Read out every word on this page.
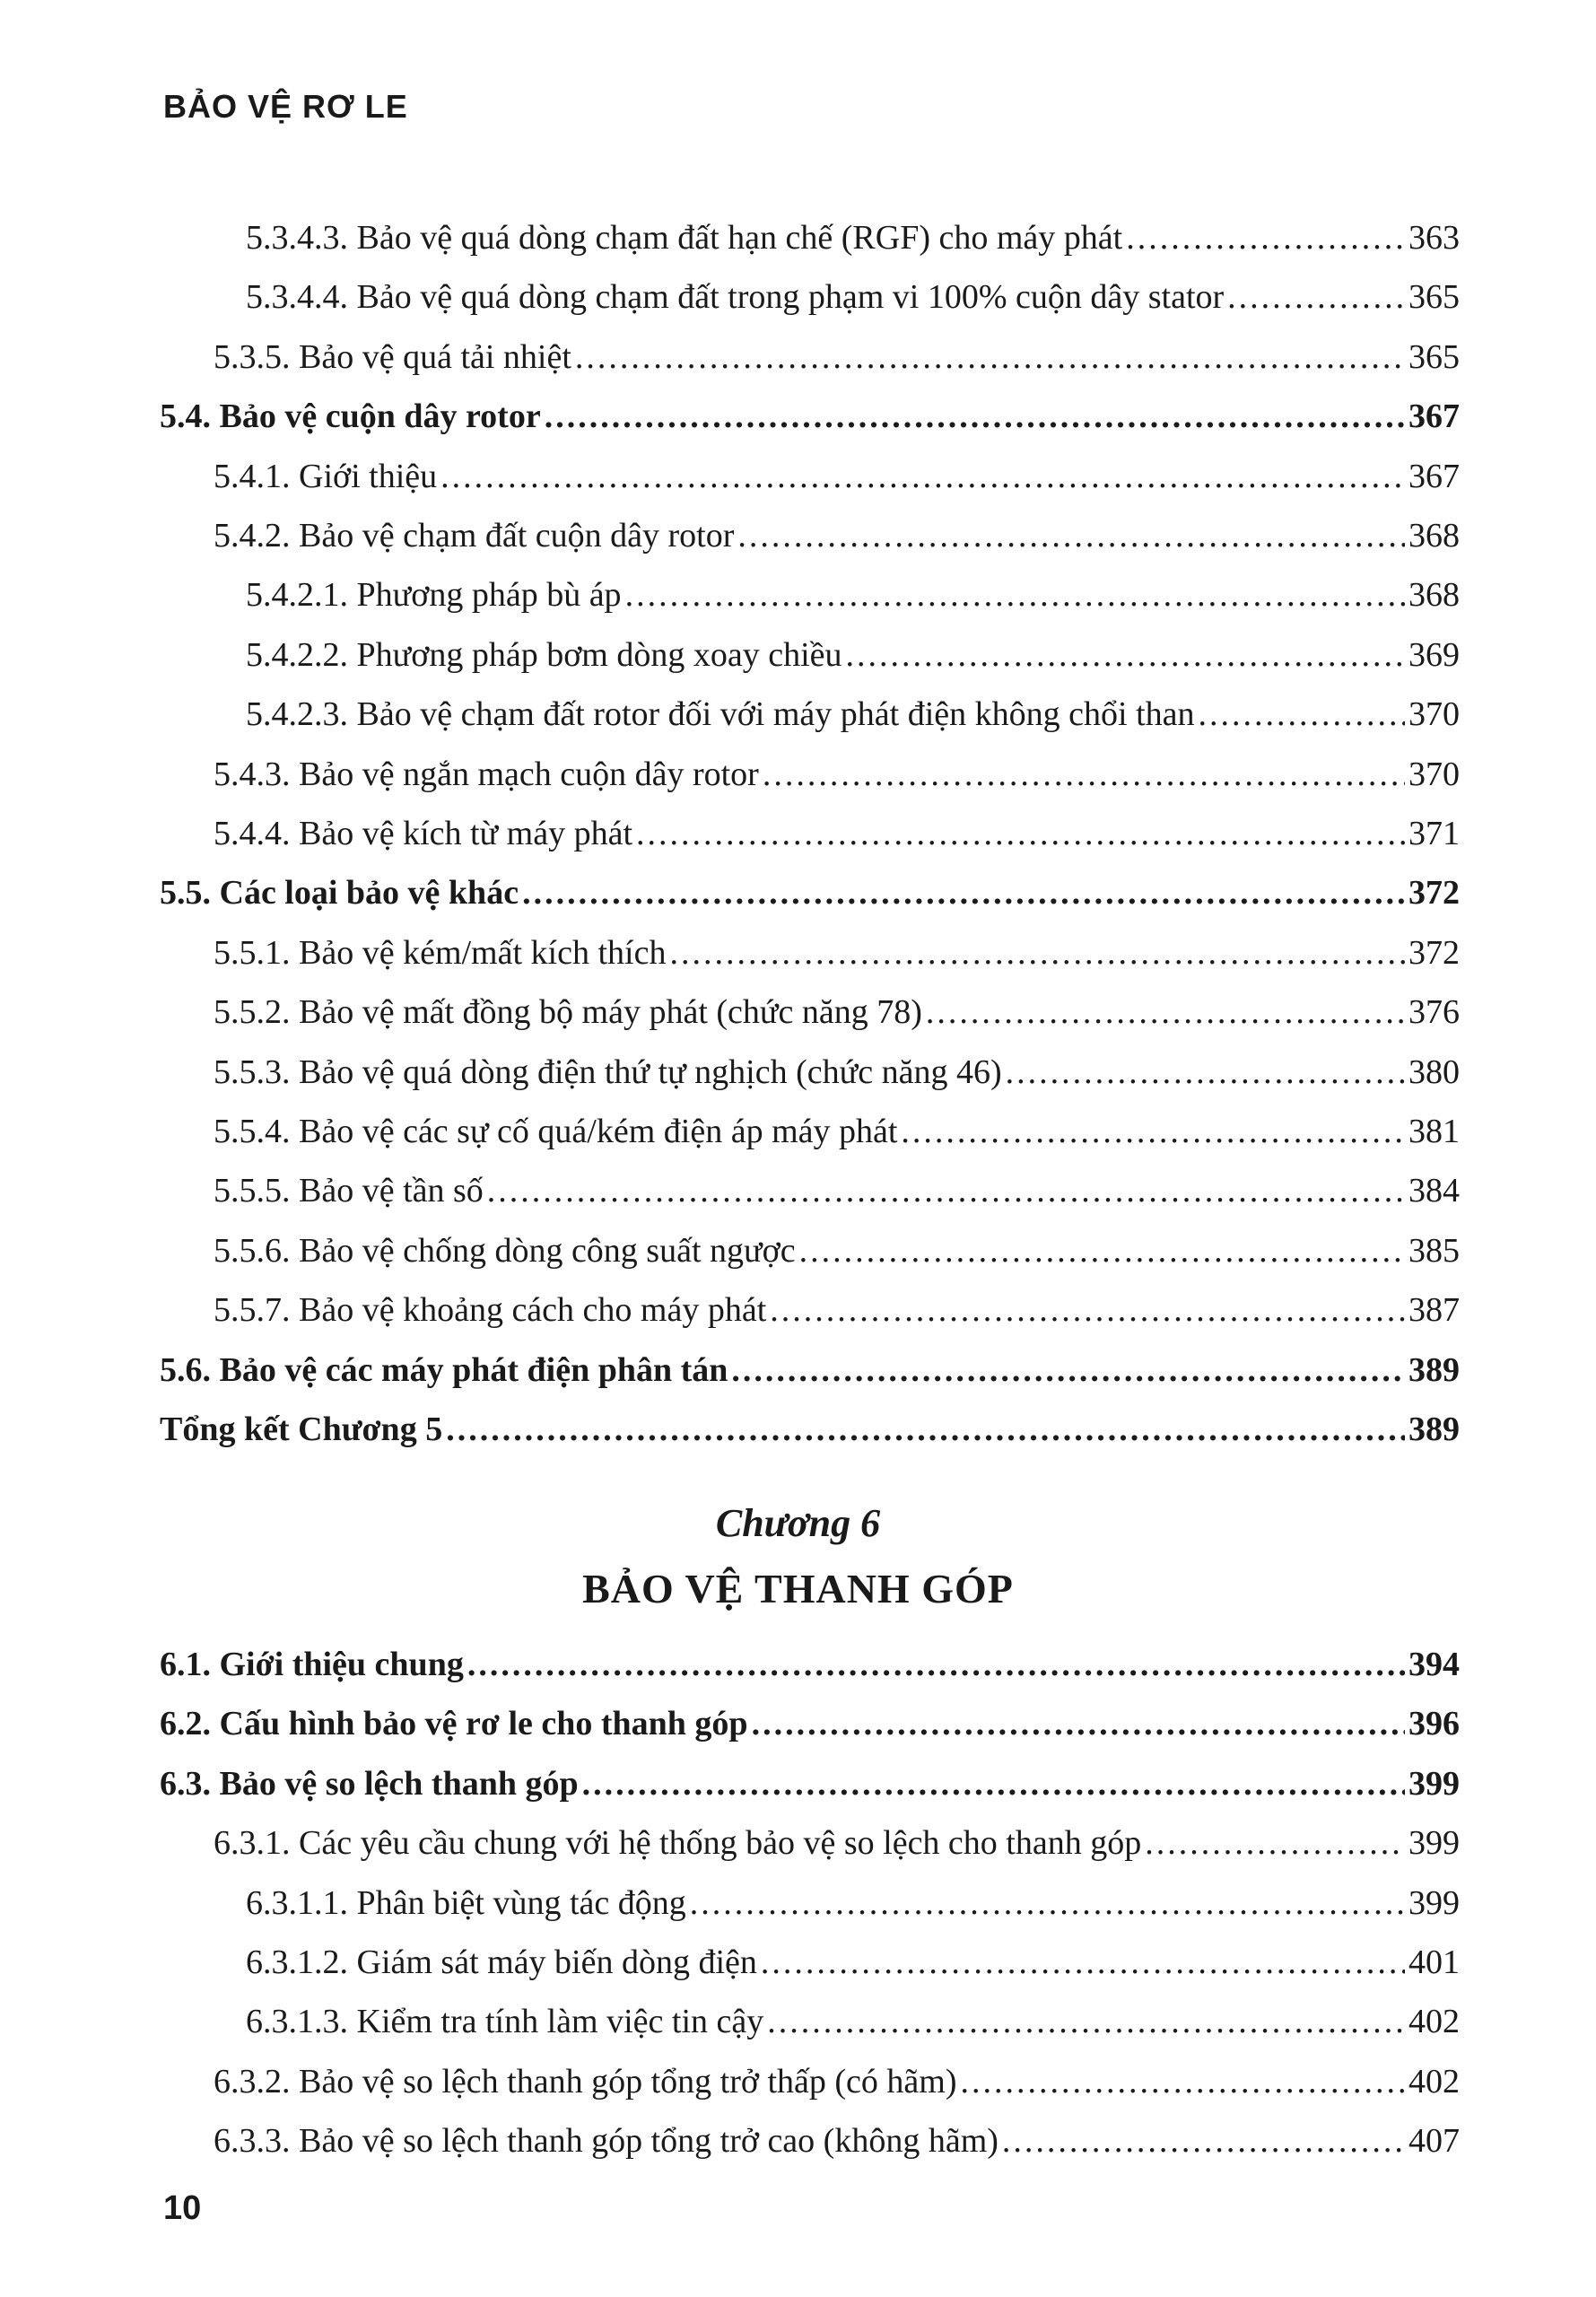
BẢO VỆ RƠ LE
5.3.4.3. Bảo vệ quá dòng chạm đất hạn chế (RGF) cho máy phát .....	363
5.3.4.4. Bảo vệ quá dòng chạm đất trong phạm vi 100% cuộn dây stator .....	365
5.3.5. Bảo vệ quá tải nhiệt .....	365
5.4. Bảo vệ cuộn dây rotor .....	367
5.4.1. Giới thiệu .....	367
5.4.2. Bảo vệ chạm đất cuộn dây rotor .....	368
5.4.2.1. Phương pháp bù áp .....	368
5.4.2.2. Phương pháp bơm dòng xoay chiều .....	369
5.4.2.3. Bảo vệ chạm đất rotor đối với máy phát điện không chổi than .....	370
5.4.3. Bảo vệ ngắn mạch cuộn dây rotor .....	370
5.4.4. Bảo vệ kích từ máy phát .....	371
5.5. Các loại bảo vệ khác .....	372
5.5.1. Bảo vệ kém/mất kích thích .....	372
5.5.2. Bảo vệ mất đồng bộ máy phát (chức năng 78) .....	376
5.5.3. Bảo vệ quá dòng điện thứ tự nghịch (chức năng 46) .....	380
5.5.4. Bảo vệ các sự cố quá/kém điện áp máy phát .....	381
5.5.5. Bảo vệ tần số .....	384
5.5.6. Bảo vệ chống dòng công suất ngược .....	385
5.5.7. Bảo vệ khoảng cách cho máy phát .....	387
5.6. Bảo vệ các máy phát điện phân tán .....	389
Tổng kết Chương 5 .....	389
6.1. Giới thiệu chung .....	394
6.2. Cấu hình bảo vệ rơ le cho thanh góp .....	396
6.3. Bảo vệ so lệch thanh góp .....	399
6.3.1. Các yêu cầu chung với hệ thống bảo vệ so lệch cho thanh góp .....	399
6.3.1.1. Phân biệt vùng tác động .....	399
6.3.1.2. Giám sát máy biến dòng điện .....	401
6.3.1.3. Kiểm tra tính làm việc tin cậy .....	402
6.3.2. Bảo vệ so lệch thanh góp tổng trở thấp (có hãm) .....	402
6.3.3. Bảo vệ so lệch thanh góp tổng trở cao (không hãm) .....	407
Chương 6
BẢO VỆ THANH GÓP
10
